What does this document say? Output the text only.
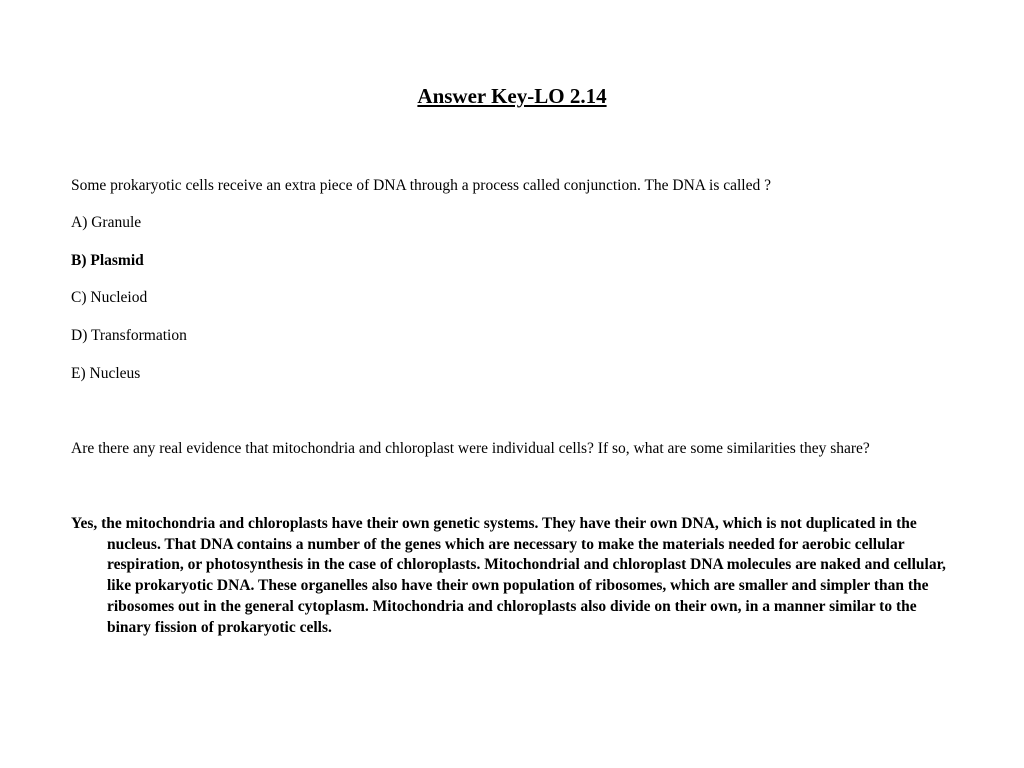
Answer Key-LO 2.14

Some prokaryotic cells receive an extra piece of DNA through a process called conjunction. The DNA is called ?

A) Granule

B) Plasmid

C) Nucleiod

D) Transformation

E) Nucleus

Are there any real evidence that mitochondria and chloroplast were individual cells? If so, what are some similarities they share?

Yes, the mitochondria and chloroplasts have their own genetic systems. They have their own DNA, which is not duplicated in the nucleus. That DNA contains a number of the genes which are necessary to make the materials needed for aerobic cellular respiration, or photosynthesis in the case of chloroplasts. Mitochondrial and chloroplast DNA molecules are naked and cellular, like prokaryotic DNA. These organelles also have their own population of ribosomes, which are smaller and simpler than the ribosomes out in the general cytoplasm. Mitochondria and chloroplasts also divide on their own, in a manner similar to the binary fission of prokaryotic cells.
